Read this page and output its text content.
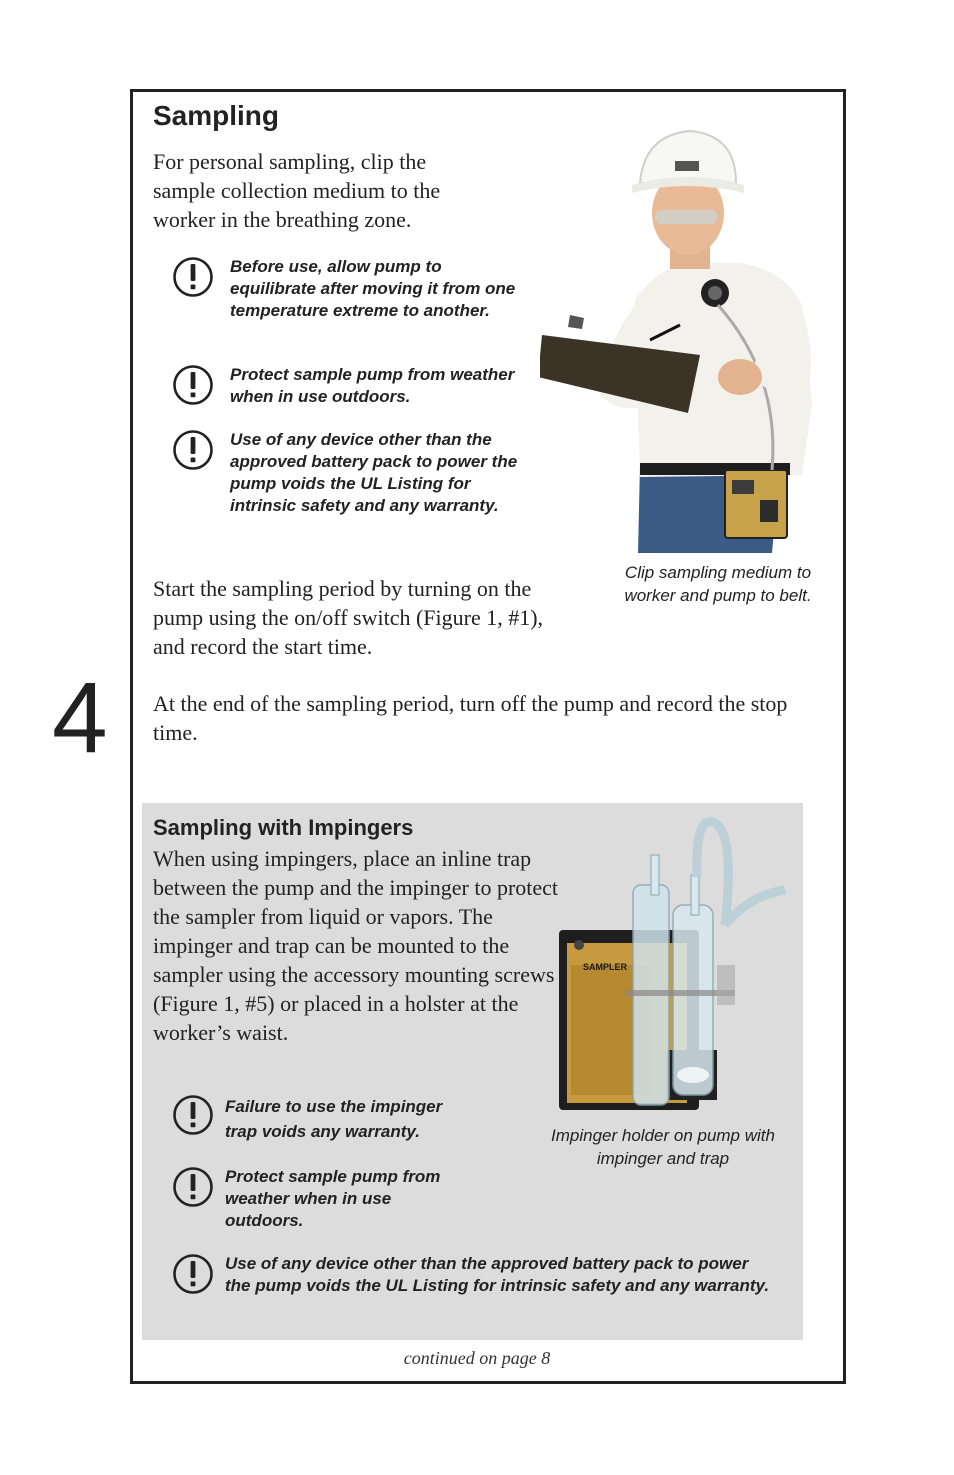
4
Sampling
For personal sampling, clip the sample collection medium to the worker in the breathing zone.
Before use, allow pump to equilibrate after moving it from one temperature extreme to another.
Protect sample pump from weather when in use outdoors.
Use of any device other than the approved battery pack to power the pump voids the UL Listing for intrinsic safety and any warranty.
Clip sampling medium to worker and pump to belt.
Start the sampling period by turning on the pump using the on/off switch (Figure 1, #1), and record the start time.
At the end of the sampling period, turn off the pump and record the stop time.
Sampling with Impingers
When using impingers, place an inline trap between the pump and the impinger to protect the sampler from liquid or vapors. The impinger and trap can be mounted to the sampler using the accessory mounting screws (Figure 1, #5) or placed in a holster at the worker’s waist.
SAMPLER
Impinger holder on pump with impinger and trap
Failure to use the impinger trap voids any warranty.
Protect sample pump from weather when in use outdoors.
Use of any device other than the approved battery pack to power the pump voids the UL Listing for intrinsic safety and any warranty.
continued on page 8
